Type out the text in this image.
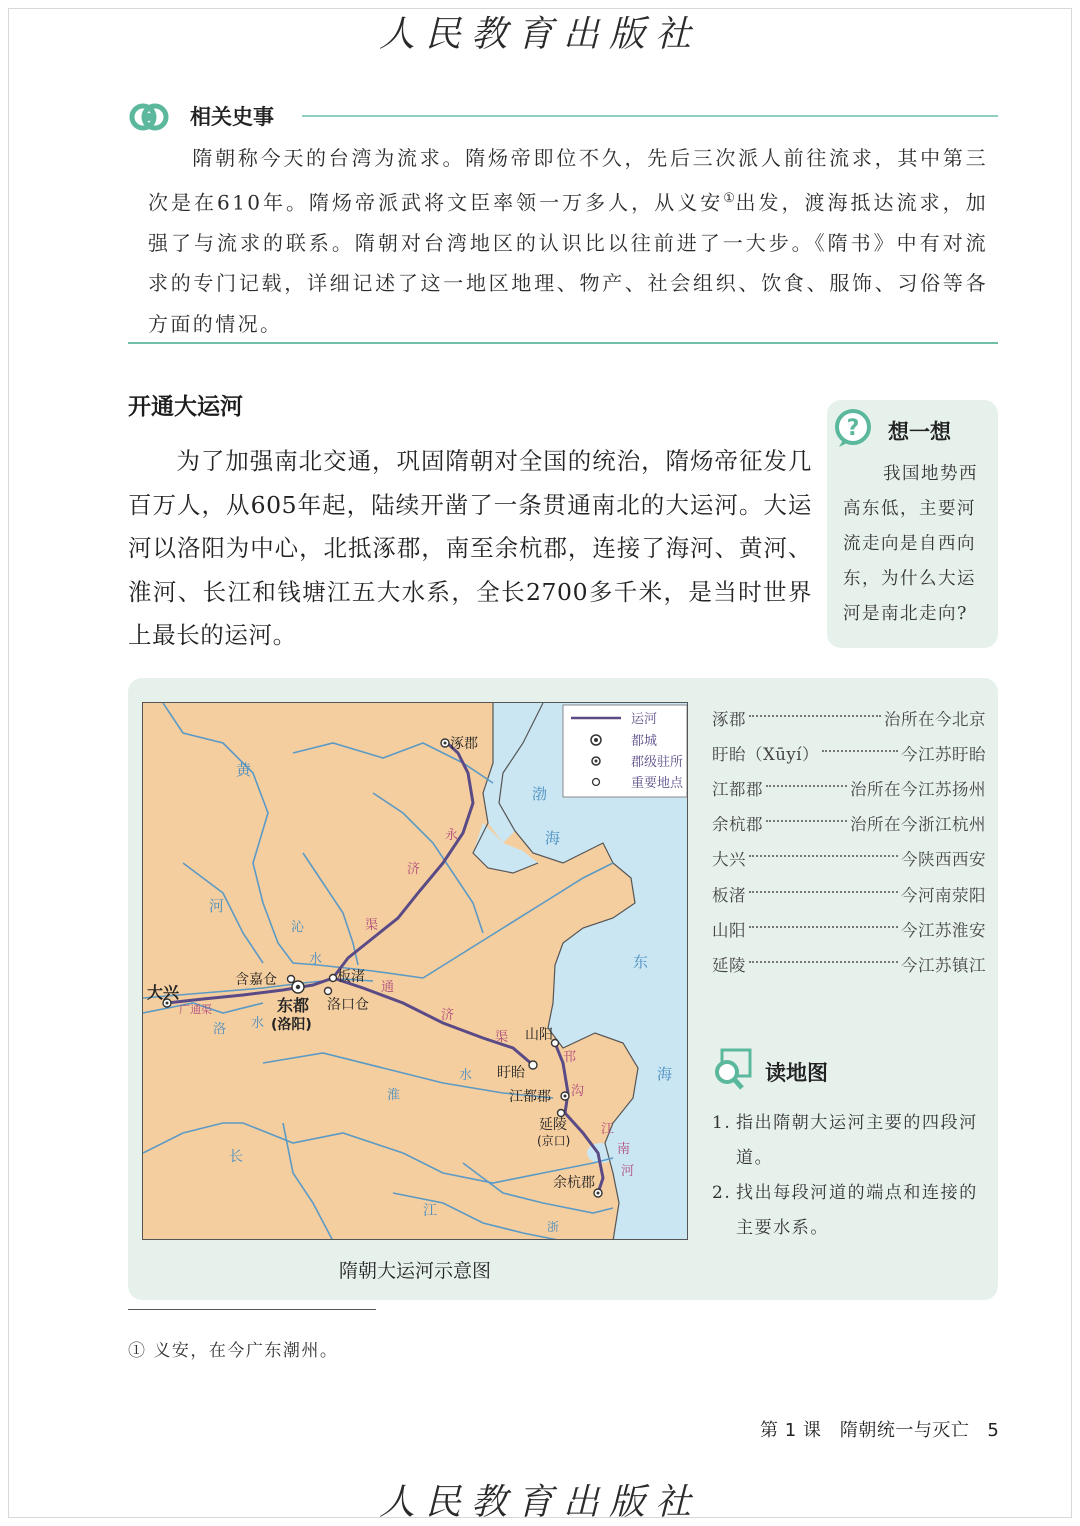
人民教育出版社
相关史事
隋朝称今天的台湾为流求。隋炀帝即位不久，先后三次派人前往流求，其中第三次是在610年。隋炀帝派武将文臣率领一万多人，从义安①出发，渡海抵达流求，加强了与流求的联系。隋朝对台湾地区的认识比以往前进了一大步。《隋书》中有对流求的专门记载，详细记述了这一地区地理、物产、社会组织、饮食、服饰、习俗等各方面的情况。
开通大运河
为了加强南北交通，巩固隋朝对全国的统治，隋炀帝征发几百万人，从605年起，陆续开凿了一条贯通南北的大运河。大运河以洛阳为中心，北抵涿郡，南至余杭郡，连接了海河、黄河、淮河、长江和钱塘江五大水系，全长2700多千米，是当时世界上最长的运河。
? 想一想
我国地势西高东低，主要河流走向是自西向东，为什么大运河是南北走向?
运河
都城
郡级驻所
重要地点
涿郡
大兴
含嘉仓
东都
(洛阳)
板渚
洛口仓
山阳
盱眙
江都郡
延陵
(京口)
余杭郡
黄
河
渤
海
东
海
沁
水
洛 水
淮
水
长
江
浙
永
济
渠
通
济
渠
邗
沟
江
南
河
广通渠
隋朝大运河示意图
涿郡	治所在今北京
盱眙（Xūyí）	今江苏盱眙
江都郡	治所在今江苏扬州
余杭郡	治所在今浙江杭州
大兴	今陕西西安
板渚	今河南荥阳
山阳	今江苏淮安
延陵	今江苏镇江
读地图
1. 指出隋朝大运河主要的四段河道。
2. 找出每段河道的端点和连接的主要水系。
① 义安，在今广东潮州。
第 1 课　隋朝统一与灭亡 5
人民教育出版社
